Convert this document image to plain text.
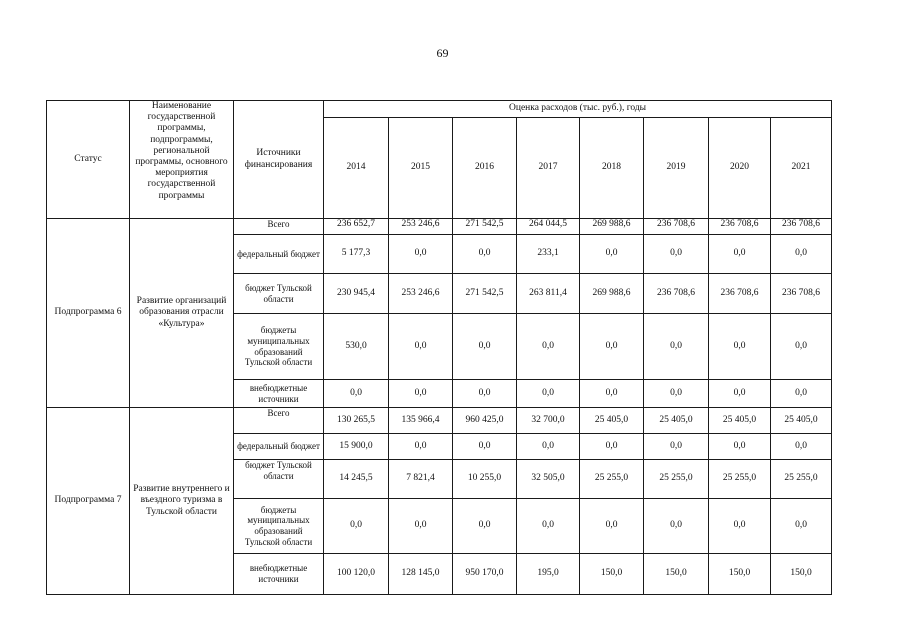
69
Статус	Наименование государственной программы, подпрограммы, региональной программы, основного мероприятия государственной программы	Источники финансирования	Оценка расходов (тыс. руб.), годы							
			2014	2015	2016	2017	2018	2019	2020	2021
Подпрограмма 6	Развитие организаций образования отрасли «Культура»	Всего	236 652,7	253 246,6	271 542,5	264 044,5	269 988,6	236 708,6	236 708,6	236 708,6
		федеральный бюджет	5 177,3	0,0	0,0	233,1	0,0	0,0	0,0	0,0
		бюджет Тульской области	230 945,4	253 246,6	271 542,5	263 811,4	269 988,6	236 708,6	236 708,6	236 708,6
		бюджеты муниципальных образований Тульской области	530,0	0,0	0,0	0,0	0,0	0,0	0,0	0,0
		внебюджетные источники	0,0	0,0	0,0	0,0	0,0	0,0	0,0	0,0
Подпрограмма 7	Развитие внутреннего и въездного туризма в Тульской области	Всего	130 265,5	135 966,4	960 425,0	32 700,0	25 405,0	25 405,0	25 405,0	25 405,0
		федеральный бюджет	15 900,0	0,0	0,0	0,0	0,0	0,0	0,0	0,0
		бюджет Тульской области	14 245,5	7 821,4	10 255,0	32 505,0	25 255,0	25 255,0	25 255,0	25 255,0
		бюджеты муниципальных образований Тульской области	0,0	0,0	0,0	0,0	0,0	0,0	0,0	0,0
		внебюджетные источники	100 120,0	128 145,0	950 170,0	195,0	150,0	150,0	150,0	150,0
